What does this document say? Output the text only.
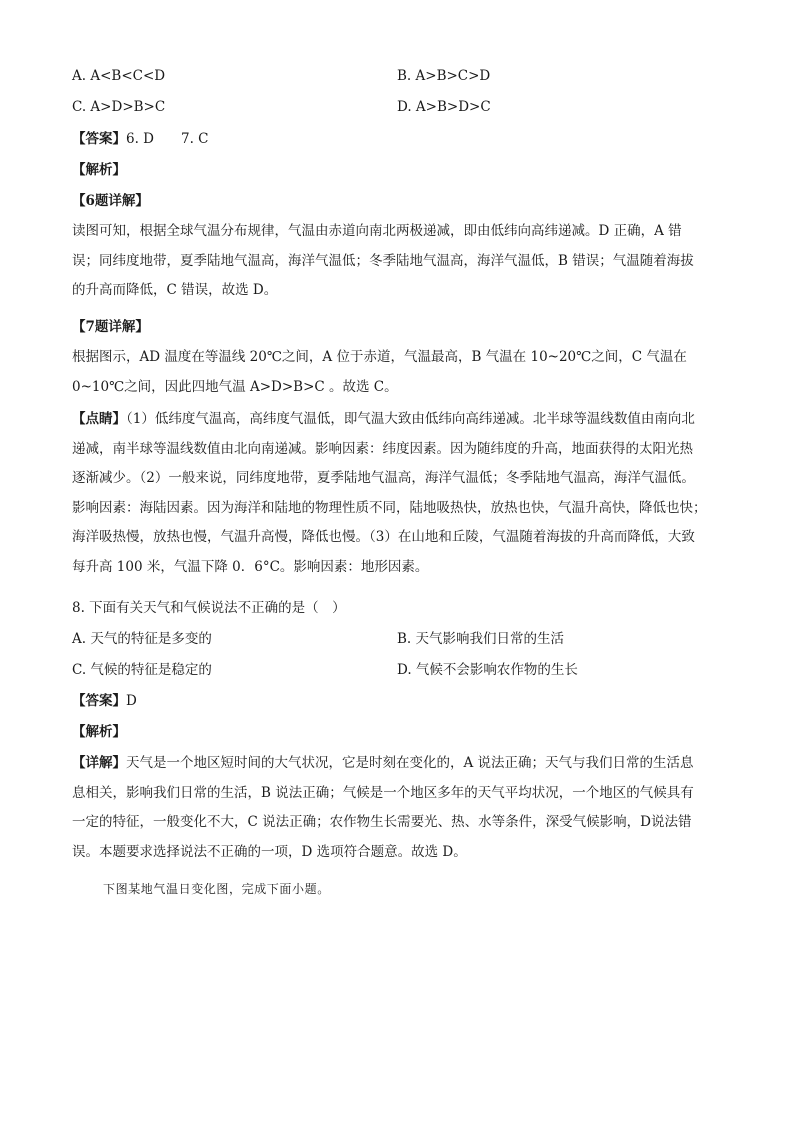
A. A<B<C<D	B. A>B>C>D
C. A>D>B>C	D. A>B>D>C
【答案】6. D　　7. C
【解析】
【6题详解】
读图可知，根据全球气温分布规律，气温由赤道向南北两极递减，即由低纬向高纬递减。D 正确，A 错
误；同纬度地带，夏季陆地气温高，海洋气温低；冬季陆地气温高，海洋气温低，B 错误；气温随着海拔
的升高而降低，C 错误，故选 D。
【7题详解】
根据图示，AD 温度在等温线 20℃之间，A 位于赤道，气温最高，B 气温在 10~20℃之间，C 气温在
0~10℃之间，因此四地气温 A>D>B>C 。故选 C。
【点睛】（1）低纬度气温高，高纬度气温低，即气温大致由低纬向高纬递减。北半球等温线数值由南向北
递减，南半球等温线数值由北向南递减。影响因素：纬度因素。因为随纬度的升高，地面获得的太阳光热
逐渐减少。（2）一般来说，同纬度地带，夏季陆地气温高，海洋气温低；冬季陆地气温高，海洋气温低。
影响因素：海陆因素。因为海洋和陆地的物理性质不同，陆地吸热快，放热也快，气温升高快，降低也快；
海洋吸热慢，放热也慢，气温升高慢，降低也慢。（3）在山地和丘陵，气温随着海拔的升高而降低，大致
每升高 100 米，气温下降 0．6°C。影响因素：地形因素。
8. 下面有关天气和气候说法不正确的是（　）
A. 天气的特征是多变的	B. 天气影响我们日常的生活
C. 气候的特征是稳定的	D. 气候不会影响农作物的生长
【答案】D
【解析】
【详解】天气是一个地区短时间的大气状况，它是时刻在变化的，A 说法正确；天气与我们日常的生活息
息相关，影响我们日常的生活，B 说法正确；气候是一个地区多年的天气平均状况，一个地区的气候具有
一定的特征，一般变化不大，C 说法正确；农作物生长需要光、热、水等条件，深受气候影响，D说法错
误。本题要求选择说法不正确的一项，D 选项符合题意。故选 D。
下图某地气温日变化图，完成下面小题。
